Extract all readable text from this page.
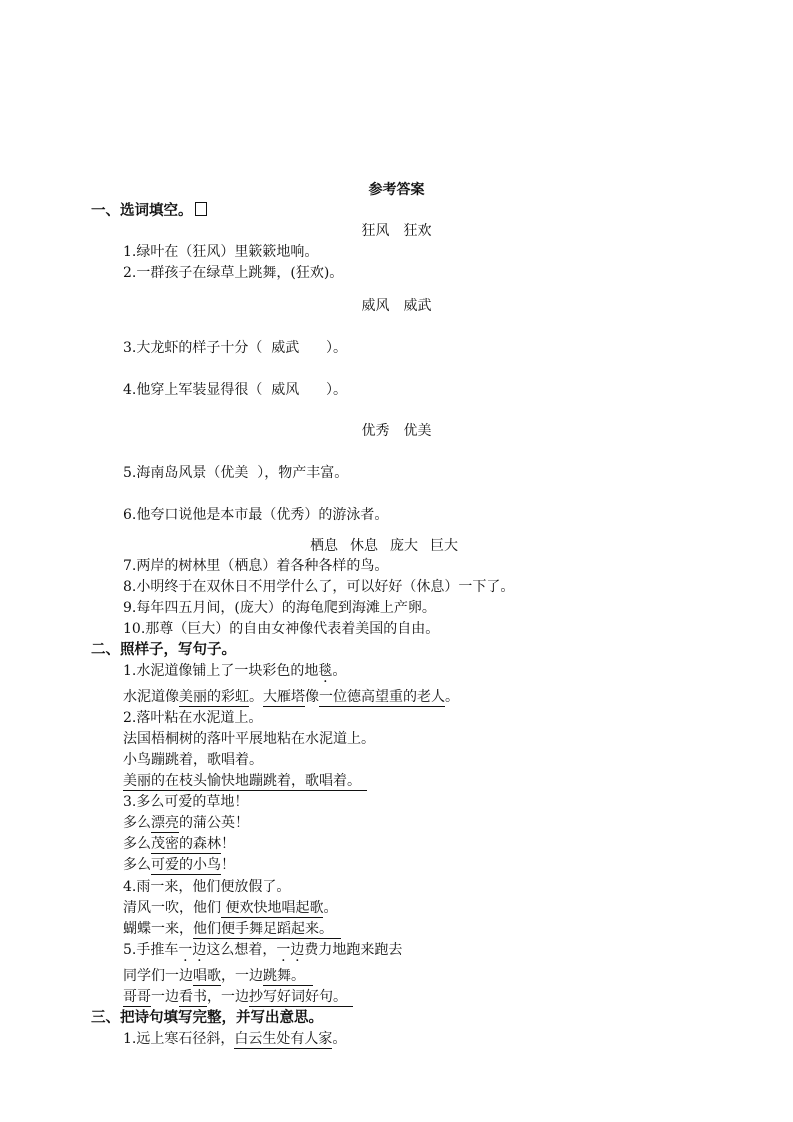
参考答案
一、选词填空。
狂风 狂欢
1.绿叶在（狂风）里簌簌地响。
2.一群孩子在绿草上跳舞，(狂欢)。
威风 威武
3.大龙虾的样子十分（  威武      ）。
4.他穿上军装显得很（  威风      ）。
优秀 优美
5.海南岛风景（优美  ），物产丰富。
6.他夸口说他是本市最（优秀）的游泳者。
栖息 休息 庞大 巨大
7.两岸的树林里（栖息）着各种各样的鸟。
8.小明终于在双休日不用学什么了，可以好好（休息）一下了。
9.每年四五月间，(庞大）的海龟爬到海滩上产卵。
10.那尊（巨大）的自由女神像代表着美国的自由。
二、照样子，写句子。
1.水泥道像铺上了一块彩色的地毯。
水泥道像美丽的彩虹。大雁塔像一位德高望重的老人。
2.落叶粘在水泥道上。
法国梧桐树的落叶平展地粘在水泥道上。
小鸟蹦跳着，歌唱着。
美丽的在枝头愉快地蹦跳着，歌唱着。
3.多么可爱的草地！
多么漂亮的蒲公英！
多么茂密的森林！
多么可爱的小鸟！
4.雨一来，他们便放假了。
清风一吹，他们 便欢快地唱起歌。
蝴蝶一来，他们便手舞足蹈起来。
5.手推车一边这么想着，一边费力地跑来跑去
同学们一边唱歌，一边跳舞。
哥哥一边看书，一边抄写好词好句。
三、把诗句填写完整，并写出意思。
1.远上寒石径斜，白云生处有人家。
